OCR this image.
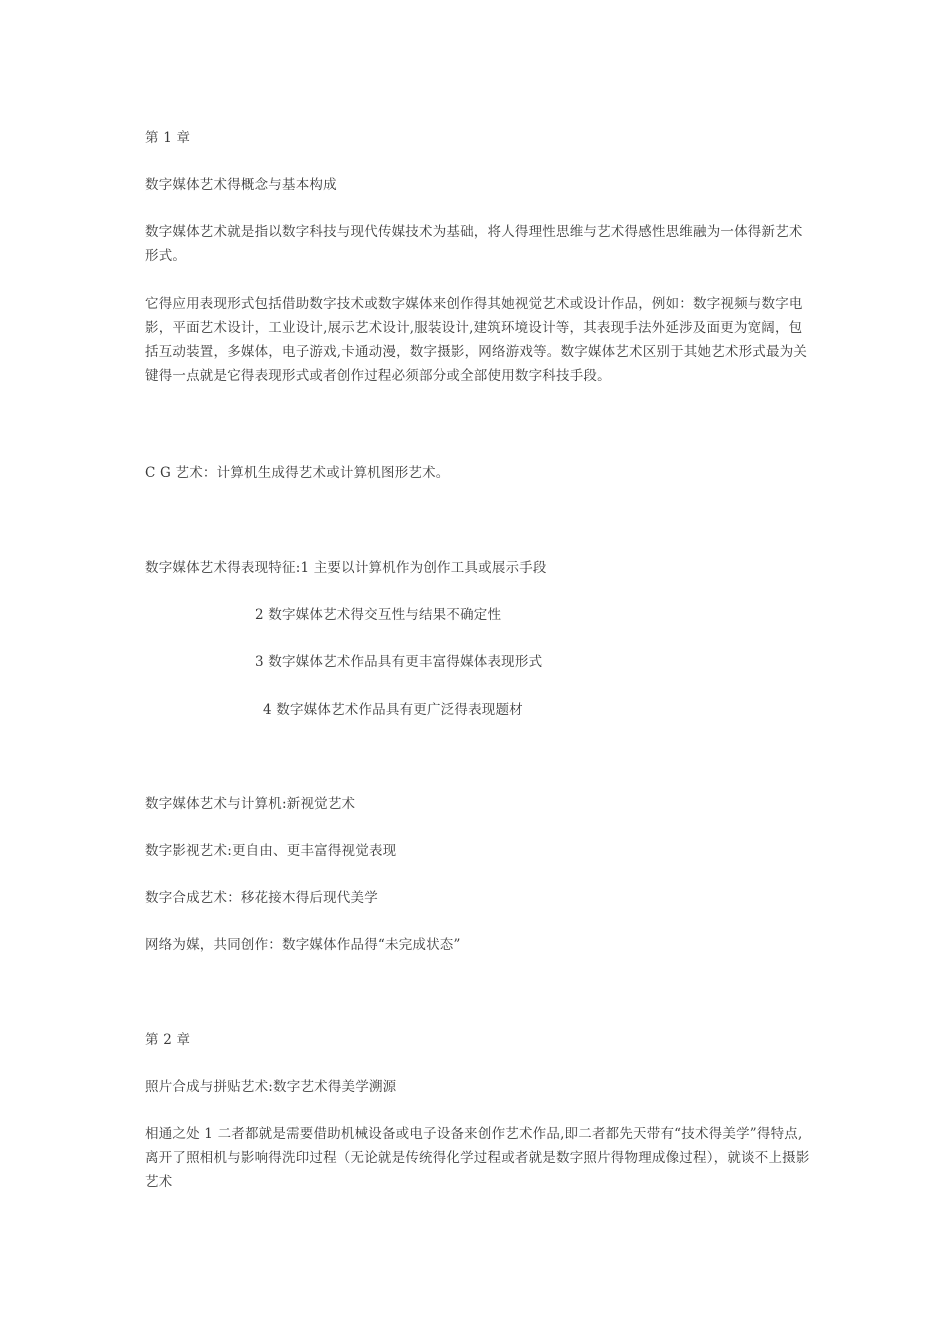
第 1 章

数字媒体艺术得概念与基本构成

数字媒体艺术就是指以数字科技与现代传媒技术为基础，将人得理性思维与艺术得感性思维融为一体得新艺术形式。

它得应用表现形式包括借助数字技术或数字媒体来创作得其她视觉艺术或设计作品，例如：数字视频与数字电影，平面艺术设计，工业设计,展示艺术设计,服装设计,建筑环境设计等，其表现手法外延涉及面更为宽阔，包括互动装置，多媒体，电子游戏,卡通动漫，数字摄影，网络游戏等。数字媒体艺术区别于其她艺术形式最为关键得一点就是它得表现形式或者创作过程必须部分或全部使用数字科技手段。

C G 艺术：计算机生成得艺术或计算机图形艺术。

数字媒体艺术得表现特征:1 主要以计算机作为创作工具或展示手段

2 数字媒体艺术得交互性与结果不确定性

3 数字媒体艺术作品具有更丰富得媒体表现形式

4 数字媒体艺术作品具有更广泛得表现题材

数字媒体艺术与计算机:新视觉艺术

数字影视艺术:更自由、更丰富得视觉表现

数字合成艺术：移花接木得后现代美学

网络为媒，共同创作：数字媒体作品得“未完成状态”

第 2 章

照片合成与拼贴艺术:数字艺术得美学溯源

相通之处 1 二者都就是需要借助机械设备或电子设备来创作艺术作品,即二者都先天带有“技术得美学”得特点,离开了照相机与影响得洗印过程（无论就是传统得化学过程或者就是数字照片得物理成像过程），就谈不上摄影艺术
